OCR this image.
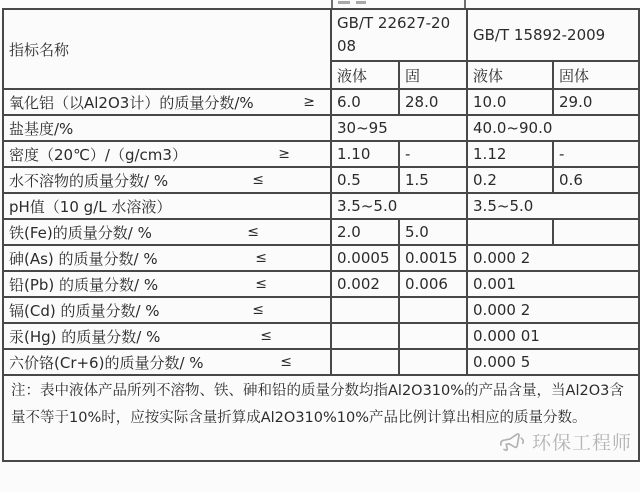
指标名称	GB/T 22627-2008		GB/T 15892-2009	
	液体	固	液体	固体
氧化铝（以Al2O3计）的质量分数/% ≥	6.0	28.0	10.0	29.0
盐基度/%	30~95		40.0~90.0	
密度（20℃）/（g/cm3） ≥	1.10	-	1.12	-
水不溶物的质量分数/ % ≤	0.5	1.5	0.2	0.6
pH值（10 g/L 水溶液）	3.5~5.0		3.5~5.0	
铁(Fe)的质量分数/ % ≤	2.0	5.0		
砷(As) 的质量分数/ % ≤	0.0005	0.0015	0.000 2	
铅(Pb) 的质量分数/ % ≤	0.002	0.006	0.001	
镉(Cd) 的质量分数/ % ≤			0.000 2	
汞(Hg) 的质量分数/ % ≤			0.000 01	
六价铬(Cr+6)的质量分数/ % ≤			0.000 5	
注：表中液体产品所列不溶物、铁、砷和铅的质量分数均指Al2O310%的产品含量，当Al2O3含量不等于10%时，应按实际含量折算成Al2O310%10%产品比例计算出相应的质量分数。
环保工程师				
